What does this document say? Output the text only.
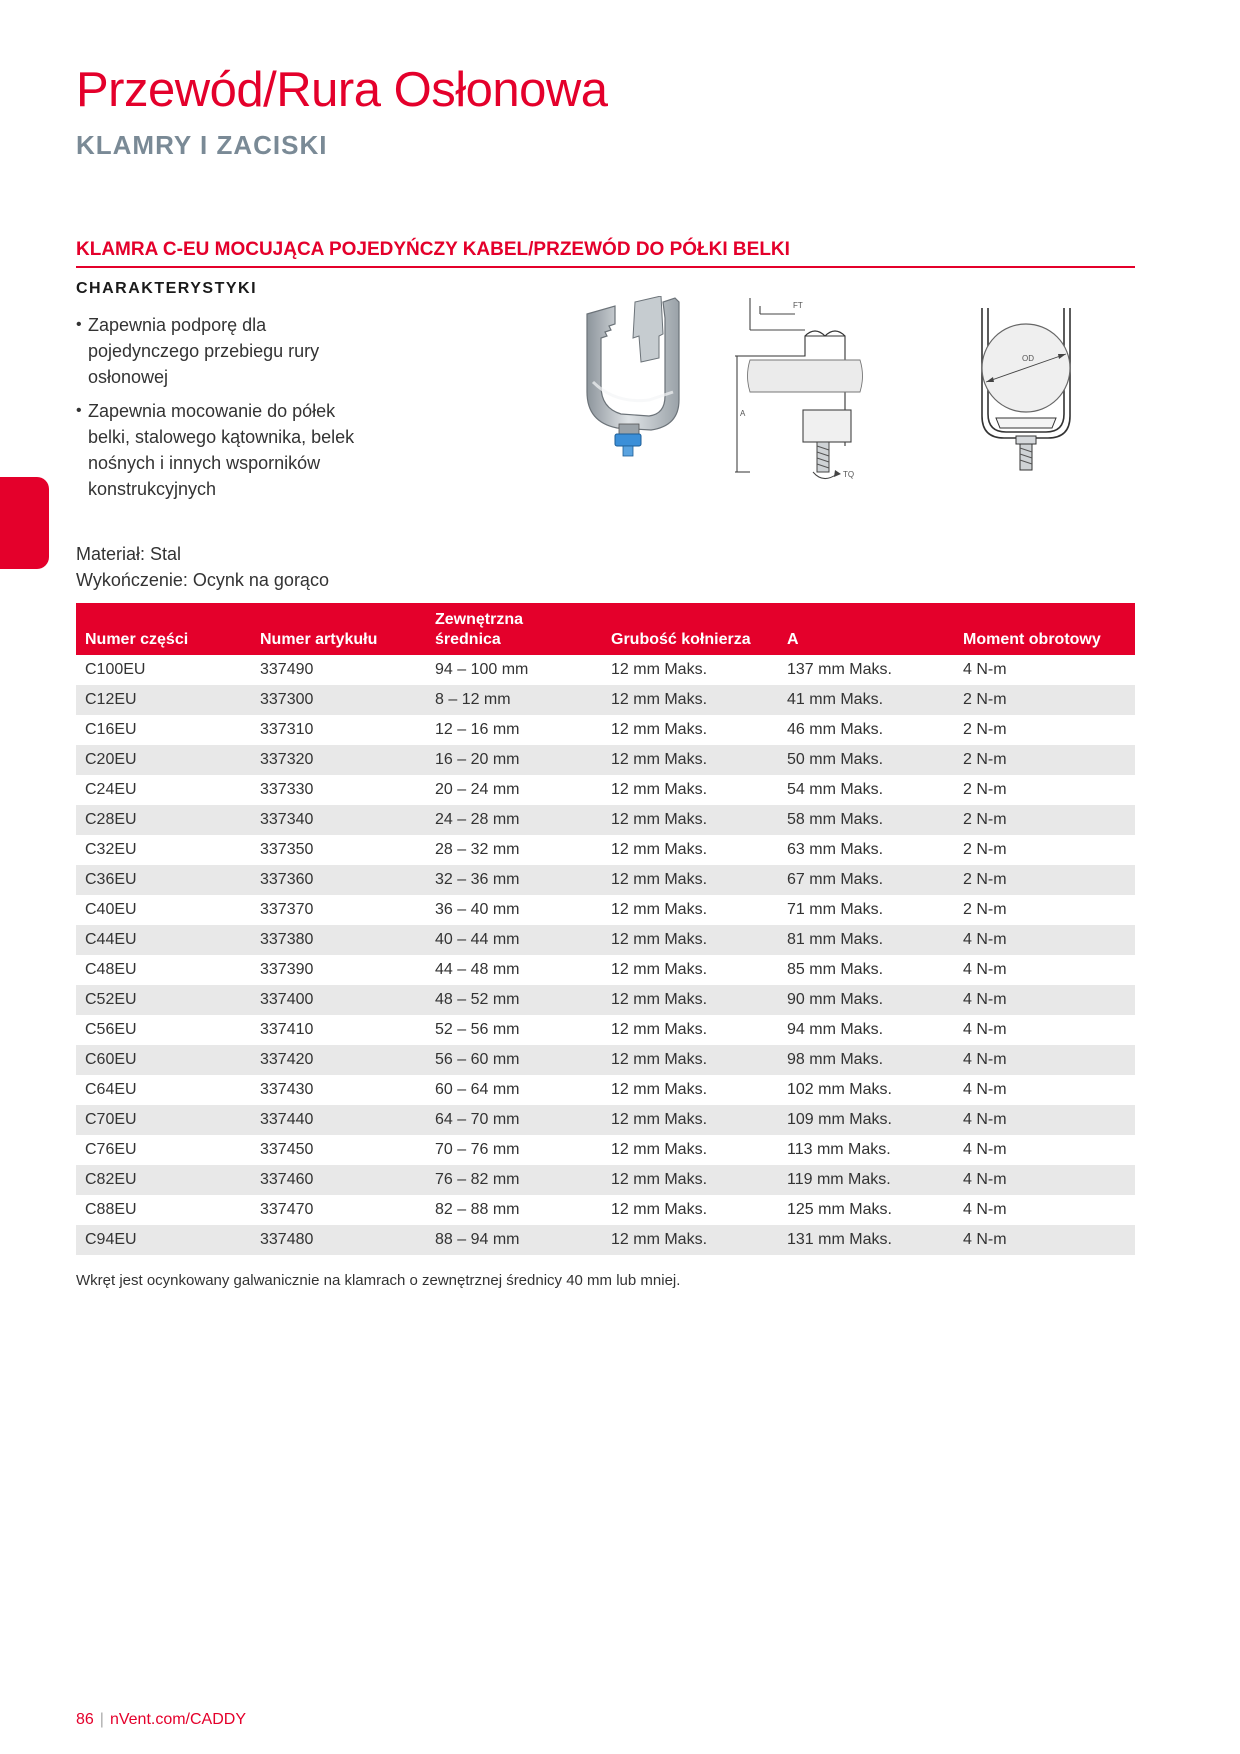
Przewód/Rura Osłonowa
KLAMRY I ZACISKI
KLAMRA C-EU MOCUJĄCA POJEDYŃCZY KABEL/PRZEWÓD DO PÓŁKI BELKI
CHARAKTERYSTYKI
• Zapewnia podporę dla pojedynczego przebiegu rury osłonowej
• Zapewnia mocowanie do półek belki, stalowego kątownika, belek nośnych i innych wsporników konstrukcyjnych
Materiał: Stal
Wykończenie: Ocynk na gorąco
FT
A
TQ
OD
Numer części	Numer artykułu	Zewnętrzna średnica	Grubość kołnierza	A	Moment obrotowy
C100EU	337490	94 – 100 mm	12 mm Maks.	137 mm Maks.	4 N-m
C12EU	337300	8 – 12 mm	12 mm Maks.	41 mm Maks.	2 N-m
C16EU	337310	12 – 16 mm	12 mm Maks.	46 mm Maks.	2 N-m
C20EU	337320	16 – 20 mm	12 mm Maks.	50 mm Maks.	2 N-m
C24EU	337330	20 – 24 mm	12 mm Maks.	54 mm Maks.	2 N-m
C28EU	337340	24 – 28 mm	12 mm Maks.	58 mm Maks.	2 N-m
C32EU	337350	28 – 32 mm	12 mm Maks.	63 mm Maks.	2 N-m
C36EU	337360	32 – 36 mm	12 mm Maks.	67 mm Maks.	2 N-m
C40EU	337370	36 – 40 mm	12 mm Maks.	71 mm Maks.	2 N-m
C44EU	337380	40 – 44 mm	12 mm Maks.	81 mm Maks.	4 N-m
C48EU	337390	44 – 48 mm	12 mm Maks.	85 mm Maks.	4 N-m
C52EU	337400	48 – 52 mm	12 mm Maks.	90 mm Maks.	4 N-m
C56EU	337410	52 – 56 mm	12 mm Maks.	94 mm Maks.	4 N-m
C60EU	337420	56 – 60 mm	12 mm Maks.	98 mm Maks.	4 N-m
C64EU	337430	60 – 64 mm	12 mm Maks.	102 mm Maks.	4 N-m
C70EU	337440	64 – 70 mm	12 mm Maks.	109 mm Maks.	4 N-m
C76EU	337450	70 – 76 mm	12 mm Maks.	113 mm Maks.	4 N-m
C82EU	337460	76 – 82 mm	12 mm Maks.	119 mm Maks.	4 N-m
C88EU	337470	82 – 88 mm	12 mm Maks.	125 mm Maks.	4 N-m
C94EU	337480	88 – 94 mm	12 mm Maks.	131 mm Maks.	4 N-m
Wkręt jest ocynkowany galwanicznie na klamrach o zewnętrznej średnicy 40 mm lub mniej.
86 | nVent.com/CADDY
